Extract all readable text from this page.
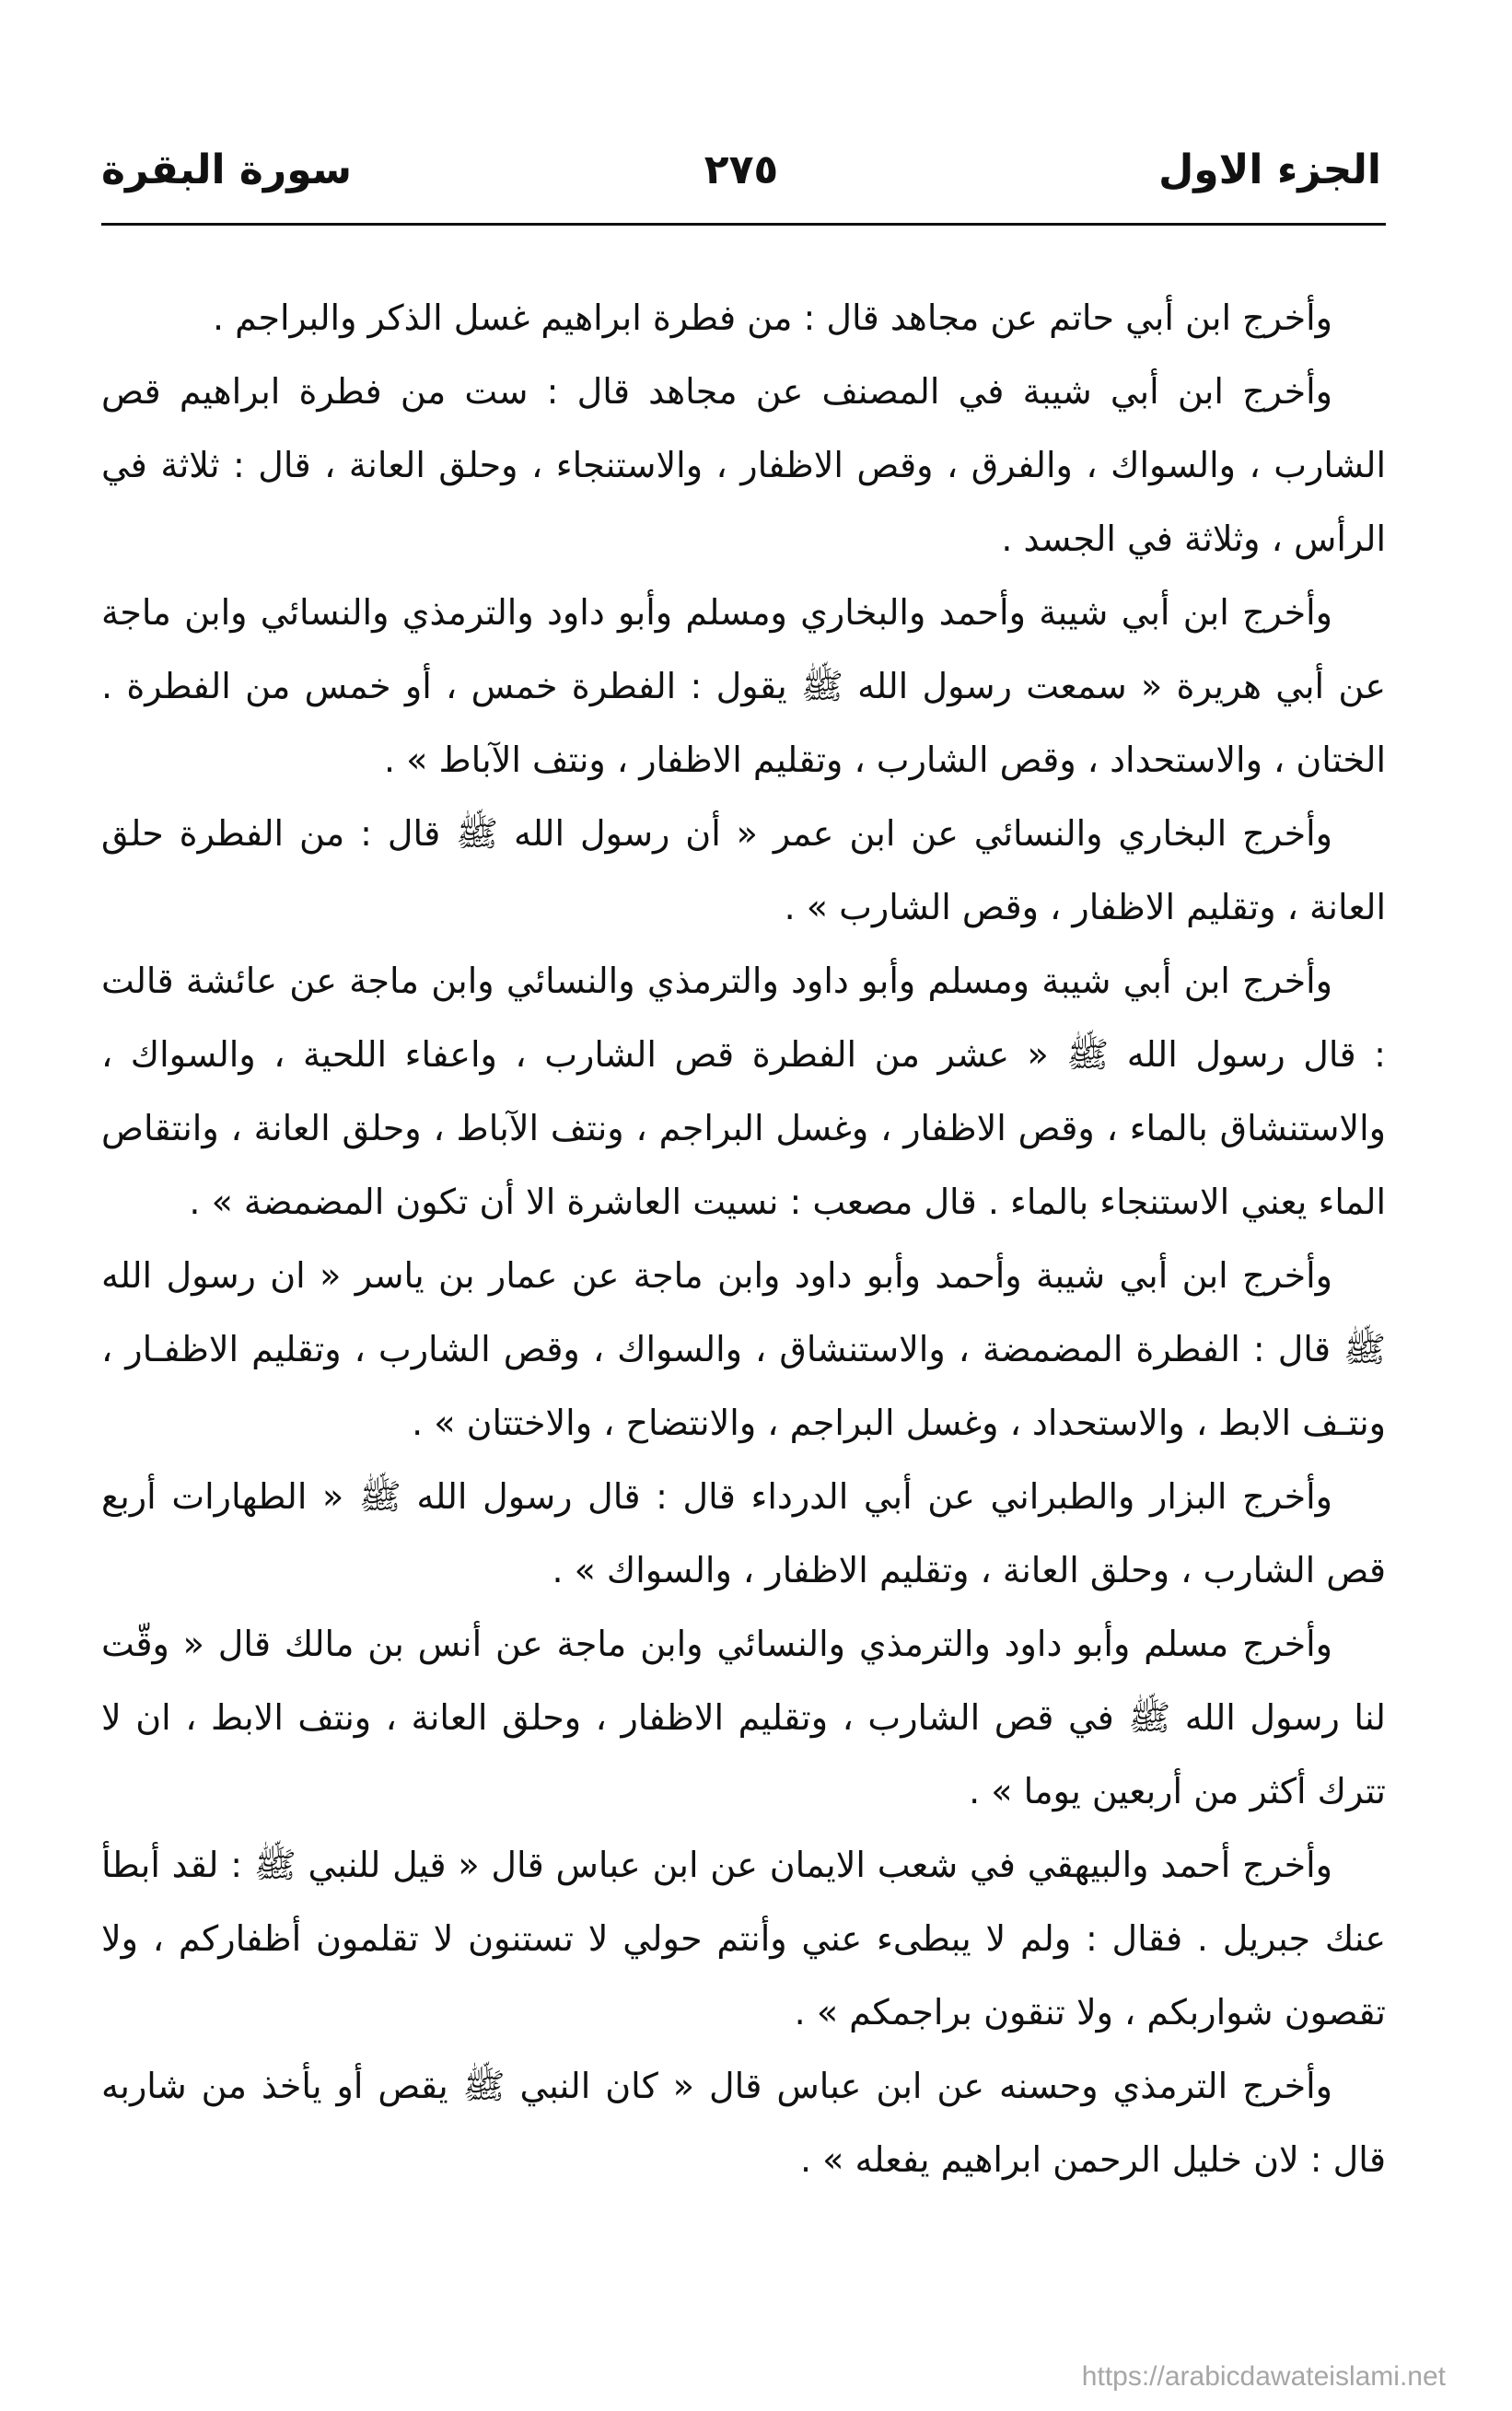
الجزء الاول
٢٧٥
سورة البقرة

وأخرج ابن أبي حاتم عن مجاهد قال : من فطرة ابراهيم غسل الذكر والبراجم .

وأخرج ابن أبي شيبة في المصنف عن مجاهد قال : ست من فطرة ابراهيم قص الشارب ، والسواك ، والفرق ، وقص الاظفار ، والاستنجاء ، وحلق العانة ، قال : ثلاثة في الرأس ، وثلاثة في الجسد .

وأخرج ابن أبي شيبة وأحمد والبخاري ومسلم وأبو داود والترمذي والنسائي وابن ماجة عن أبي هريرة « سمعت رسول الله ﷺ يقول : الفطرة خمس ، أو خمس من الفطرة . الختان ، والاستحداد ، وقص الشارب ، وتقليم الاظفار ، ونتف الآباط » .

وأخرج البخاري والنسائي عن ابن عمر « أن رسول الله ﷺ قال : من الفطرة حلق العانة ، وتقليم الاظفار ، وقص الشارب » .

وأخرج ابن أبي شيبة ومسلم وأبو داود والترمذي والنسائي وابن ماجة عن عائشة قالت : قال رسول الله ﷺ « عشر من الفطرة قص الشارب ، واعفاء اللحية ، والسواك ، والاستنشاق بالماء ، وقص الاظفار ، وغسل البراجم ، ونتف الآباط ، وحلق العانة ، وانتقاص الماء يعني الاستنجاء بالماء . قال مصعب : نسيت العاشرة الا أن تكون المضمضة » .

وأخرج ابن أبي شيبة وأحمد وأبو داود وابن ماجة عن عمار بن ياسر « ان رسول الله ﷺ قال : الفطرة المضمضة ، والاستنشاق ، والسواك ، وقص الشارب ، وتقليم الاظفـار ، ونتـف الابط ، والاستحداد ، وغسل البراجم ، والانتضاح ، والاختتان » .

وأخرج البزار والطبراني عن أبي الدرداء قال : قال رسول الله ﷺ « الطهارات أربع قص الشارب ، وحلق العانة ، وتقليم الاظفار ، والسواك » .

وأخرج مسلم وأبو داود والترمذي والنسائي وابن ماجة عن أنس بن مالك قال « وقّت لنا رسول الله ﷺ في قص الشارب ، وتقليم الاظفار ، وحلق العانة ، ونتف الابط ، ان لا تترك أكثر من أربعين يوما » .

وأخرج أحمد والبيهقي في شعب الايمان عن ابن عباس قال « قيل للنبي ﷺ : لقد أبطأ عنك جبريل . فقال : ولم لا يبطىء عني وأنتم حولي لا تستنون لا تقلمون أظفاركم ، ولا تقصون شواربكم ، ولا تنقون براجمكم » .

وأخرج الترمذي وحسنه عن ابن عباس قال « كان النبي ﷺ يقص أو يأخذ من شاربه قال : لان خليل الرحمن ابراهيم يفعله » .

https://arabicdawateislami.net
